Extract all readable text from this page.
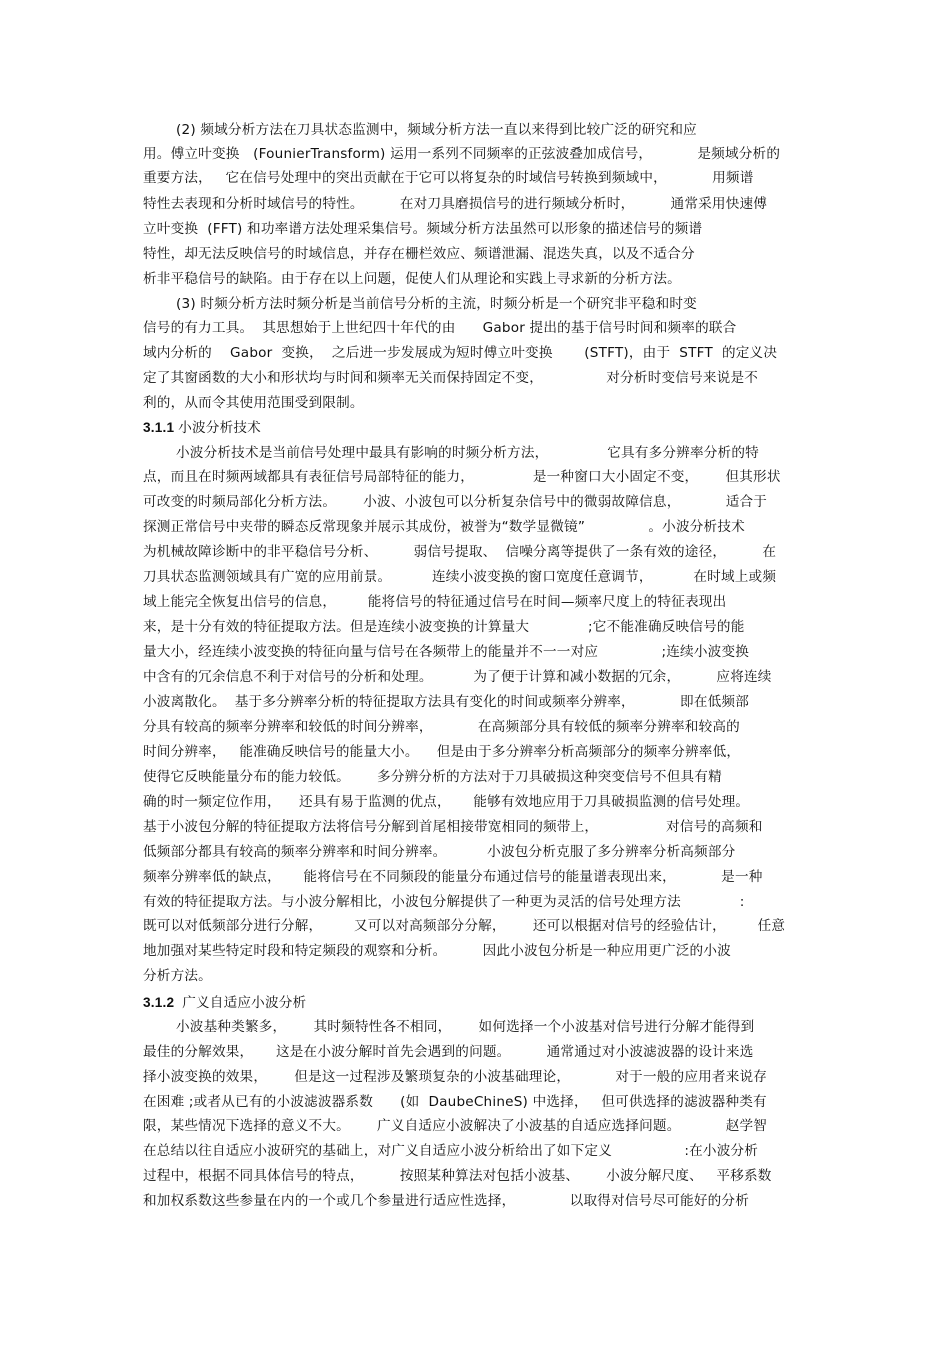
(2) 频域分析方法在刀具状态监测中，频域分析方法一直以来得到比较广泛的研究和应
用。傅立叶变换   (FounierTransform) 运用一系列不同频率的正弦波叠加成信号，          是频域分析的
重要方法，   它在信号处理中的突出贡献在于它可以将复杂的时域信号转换到频域中，          用频谱
特性去表现和分析时域信号的特性。        在对刀具磨损信号的进行频域分析时，        通常采用快速傅
立叶变换  (FFT) 和功率谱方法处理采集信号。频域分析方法虽然可以形象的描述信号的频谱
特性，却无法反映信号的时域信息，并存在栅栏效应、频谱泄漏、混迭失真，以及不适合分
析非平稳信号的缺陷。由于存在以上问题，促使人们从理论和实践上寻求新的分析方法。
(3) 时频分析方法时频分析是当前信号分析的主流，时频分析是一个研究非平稳和时变
信号的有力工具。  其思想始于上世纪四十年代的由      Gabor 提出的基于信号时间和频率的联合
域内分析的    Gabor  变换，  之后进一步发展成为短时傅立叶变换       (STFT)，由于  STFT  的定义决
定了其窗函数的大小和形状均与时间和频率无关而保持固定不变，              对分析时变信号来说是不
利的，从而令其使用范围受到限制。
3.1.1 小波分析技术
小波分析技术是当前信号处理中最具有影响的时频分析方法，             它具有多分辨率分析的特
点，而且在时频两域都具有表征信号局部特征的能力，             是一种窗口大小固定不变，      但其形状
可改变的时频局部化分析方法。      小波、小波包可以分析复杂信号中的微弱故障信息，          适合于
探测正常信号中夹带的瞬态反常现象并展示其成份，被誉为“数学显微镜”              。小波分析技术
为机械故障诊断中的非平稳信号分析、        弱信号提取、  信噪分离等提供了一条有效的途径，        在
刀具状态监测领域具有广宽的应用前景。         连续小波变换的窗口宽度任意调节，         在时域上或频
域上能完全恢复出信号的信息，       能将信号的特征通过信号在时间—频率尺度上的特征表现出
来，是十分有效的特征提取方法。但是连续小波变换的计算量大             ;它不能准确反映信号的能
量大小，经连续小波变换的特征向量与信号在各频带上的能量并不一一对应              ;连续小波变换
中含有的冗余信息不利于对信号的分析和处理。         为了便于计算和减小数据的冗余，        应将连续
小波离散化。  基于多分辨率分析的特征提取方法具有变化的时间或频率分辨率，          即在低频部
分具有较高的频率分辨率和较低的时间分辨率，          在高频部分具有较低的频率分辨率和较高的
时间分辨率，   能准确反映信号的能量大小。    但是由于多分辨率分析高频部分的频率分辨率低，
使得它反映能量分布的能力较低。      多分辨分析的方法对于刀具破损这种突变信号不但具有精
确的时一频定位作用，    还具有易于监测的优点，     能够有效地应用于刀具破损监测的信号处理。
基于小波包分解的特征提取方法将信号分解到首尾相接带宽相同的频带上，               对信号的高频和
低频部分都具有较高的频率分辨率和时间分辨率。         小波包分析克服了多分辨率分析高频部分
频率分辨率低的缺点，     能将信号在不同频段的能量分布通过信号的能量谱表现出来，          是一种
有效的特征提取方法。与小波分解相比，小波包分解提供了一种更为灵活的信号处理方法             :
既可以对低频部分进行分解，       又可以对高频部分分解，      还可以根据对信号的经验估计，       任意
地加强对某些特定时段和特定频段的观察和分析。        因此小波包分析是一种应用更广泛的小波
分析方法。
3.1.2 广义自适应小波分析
小波基种类繁多，      其时频特性各不相同，      如何选择一个小波基对信号进行分解才能得到
最佳的分解效果，     这是在小波分解时首先会遇到的问题。        通常通过对小波滤波器的设计来选
择小波变换的效果，      但是这一过程涉及繁琐复杂的小波基础理论，          对于一般的应用者来说存
在困难 ;或者从已有的小波滤波器系数      (如  DaubeChineS) 中选择，   但可供选择的滤波器种类有
限，某些情况下选择的意义不大。      广义自适应小波解决了小波基的自适应选择问题。          赵学智
在总结以往自适应小波研究的基础上，对广义自适应小波分析给出了如下定义                :在小波分析
过程中，根据不同具体信号的特点，        按照某种算法对包括小波基、      小波分解尺度、   平移系数
和加权系数这些参量在内的一个或几个参量进行适应性选择，            以取得对信号尽可能好的分析
